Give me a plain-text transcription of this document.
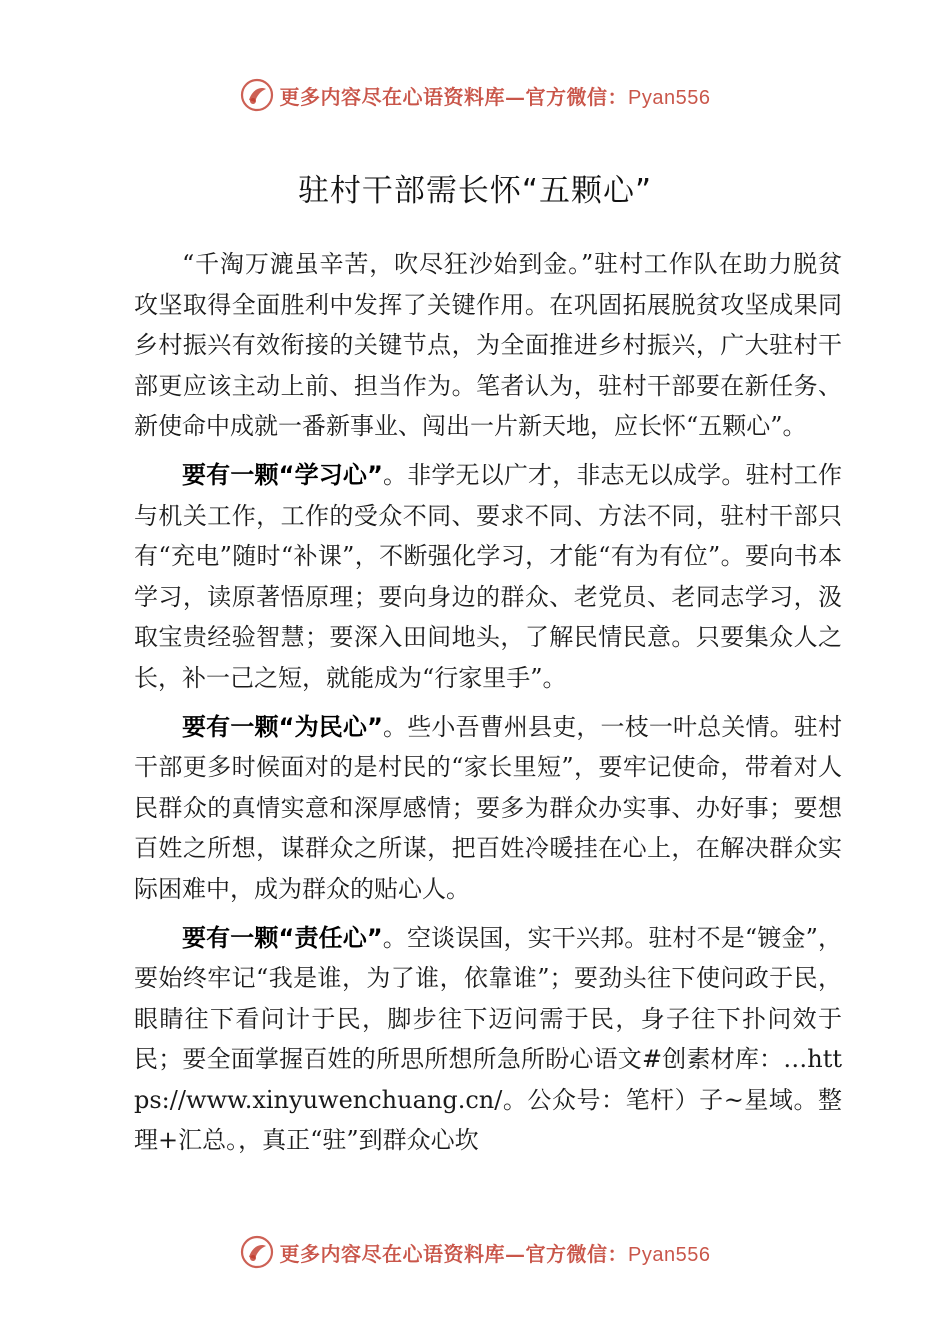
更多内容尽在心语资料库—官方微信：Pyan556
驻村干部需长怀“五颗心”

“千淘万漉虽辛苦，吹尽狂沙始到金。”驻村工作队在助力脱贫攻坚取得全面胜利中发挥了关键作用。在巩固拓展脱贫攻坚成果同乡村振兴有效衔接的关键节点，为全面推进乡村振兴，广大驻村干部更应该主动上前、担当作为。笔者认为，驻村干部要在新任务、新使命中成就一番新事业、闯出一片新天地，应长怀“五颗心”。

要有一颗“学习心”。非学无以广才，非志无以成学。驻村工作与机关工作，工作的受众不同、要求不同、方法不同，驻村干部只有“充电”随时“补课”，不断强化学习，才能“有为有位”。要向书本学习，读原著悟原理；要向身边的群众、老党员、老同志学习，汲取宝贵经验智慧；要深入田间地头，了解民情民意。只要集众人之长，补一己之短，就能成为“行家里手”。

要有一颗“为民心”。些小吾曹州县吏，一枝一叶总关情。驻村干部更多时候面对的是村民的“家长里短”，要牢记使命，带着对人民群众的真情实意和深厚感情；要多为群众办实事、办好事；要想百姓之所想，谋群众之所谋，把百姓冷暖挂在心上，在解决群众实际困难中，成为群众的贴心人。

要有一颗“责任心”。空谈误国，实干兴邦。驻村不是“镀金”，要始终牢记“我是谁，为了谁，依靠谁”；要劲头往下使问政于民， 眼睛往下看问计于民，脚步往下迈问需于民，身子往下扑问效于民；要全面掌握百姓的所思所想所急所盼心语文#创素材库：…https://www.xinyuwenchuang.cn/。公众号：笔杆）子~星域。整理+汇总。，真正“驻”到群众心坎

更多内容尽在心语资料库—官方微信：Pyan556
